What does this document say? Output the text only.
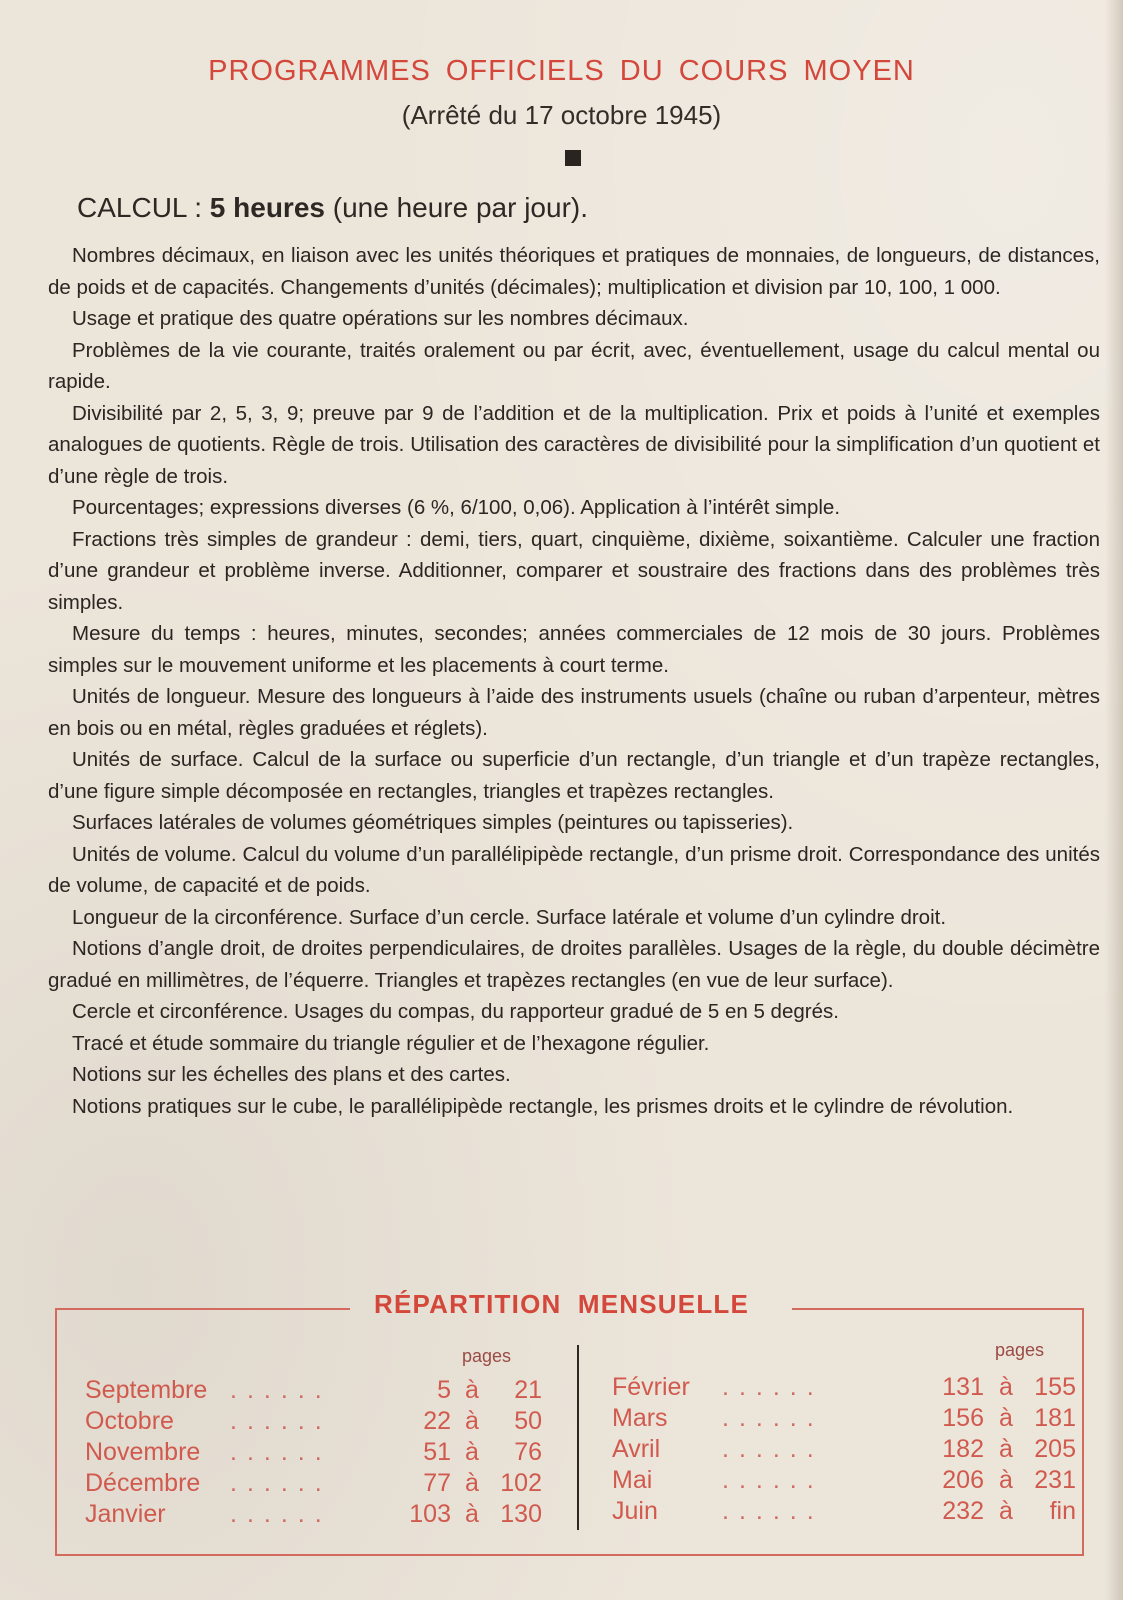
PROGRAMMES OFFICIELS DU COURS MOYEN
(Arrêté du 17 octobre 1945)
CALCUL : 5 heures (une heure par jour).

Nombres décimaux, en liaison avec les unités théoriques et pratiques de monnaies, de longueurs, de distances, de poids et de capacités. Changements d’unités (décimales); multiplication et division par 10, 100, 1 000.

Usage et pratique des quatre opérations sur les nombres décimaux.

Problèmes de la vie courante, traités oralement ou par écrit, avec, éventuellement, usage du calcul mental ou rapide.

Divisibilité par 2, 5, 3, 9; preuve par 9 de l’addition et de la multiplication. Prix et poids à l’unité et exemples analogues de quotients. Règle de trois. Utilisation des caractères de divisibilité pour la simplification d’un quotient et d’une règle de trois.

Pourcentages; expressions diverses (6 %, 6/100, 0,06). Application à l’intérêt simple.

Fractions très simples de grandeur : demi, tiers, quart, cinquième, dixième, soixantième. Calculer une fraction d’une grandeur et problème inverse. Additionner, comparer et soustraire des fractions dans des problèmes très simples.

Mesure du temps : heures, minutes, secondes; années commerciales de 12 mois de 30 jours. Problèmes simples sur le mouvement uniforme et les placements à court terme.

Unités de longueur. Mesure des longueurs à l’aide des instruments usuels (chaîne ou ruban d’arpenteur, mètres en bois ou en métal, règles graduées et réglets).

Unités de surface. Calcul de la surface ou superficie d’un rectangle, d’un triangle et d’un trapèze rectangles, d’une figure simple décomposée en rectangles, triangles et trapèzes rectangles.

Surfaces latérales de volumes géométriques simples (peintures ou tapisseries).

Unités de volume. Calcul du volume d’un parallélipipède rectangle, d’un prisme droit. Correspondance des unités de volume, de capacité et de poids.

Longueur de la circonférence. Surface d’un cercle. Surface latérale et volume d’un cylindre droit.

Notions d’angle droit, de droites perpendiculaires, de droites parallèles. Usages de la règle, du double décimètre gradué en millimètres, de l’équerre. Triangles et trapèzes rectangles (en vue de leur surface).

Cercle et circonférence. Usages du compas, du rapporteur gradué de 5 en 5 degrés.

Tracé et étude sommaire du triangle régulier et de l’hexagone régulier.

Notions sur les échelles des plans et des cartes.

Notions pratiques sur le cube, le parallélipipède rectangle, les prismes droits et le cylindre de révolution.

RÉPARTITION MENSUELLE
pages	pages
Septembre ......	5 à	21
Octobre ......	22 à	50
Novembre ......	51 à	76
Décembre ......	77 à 102
Janvier	......	103 à 130
Février ......	131 à 155
Mars ......	156 à 181
Avril ......	182 à 205
Mai	......	206 à 231
Juin	......	232 à	fin
